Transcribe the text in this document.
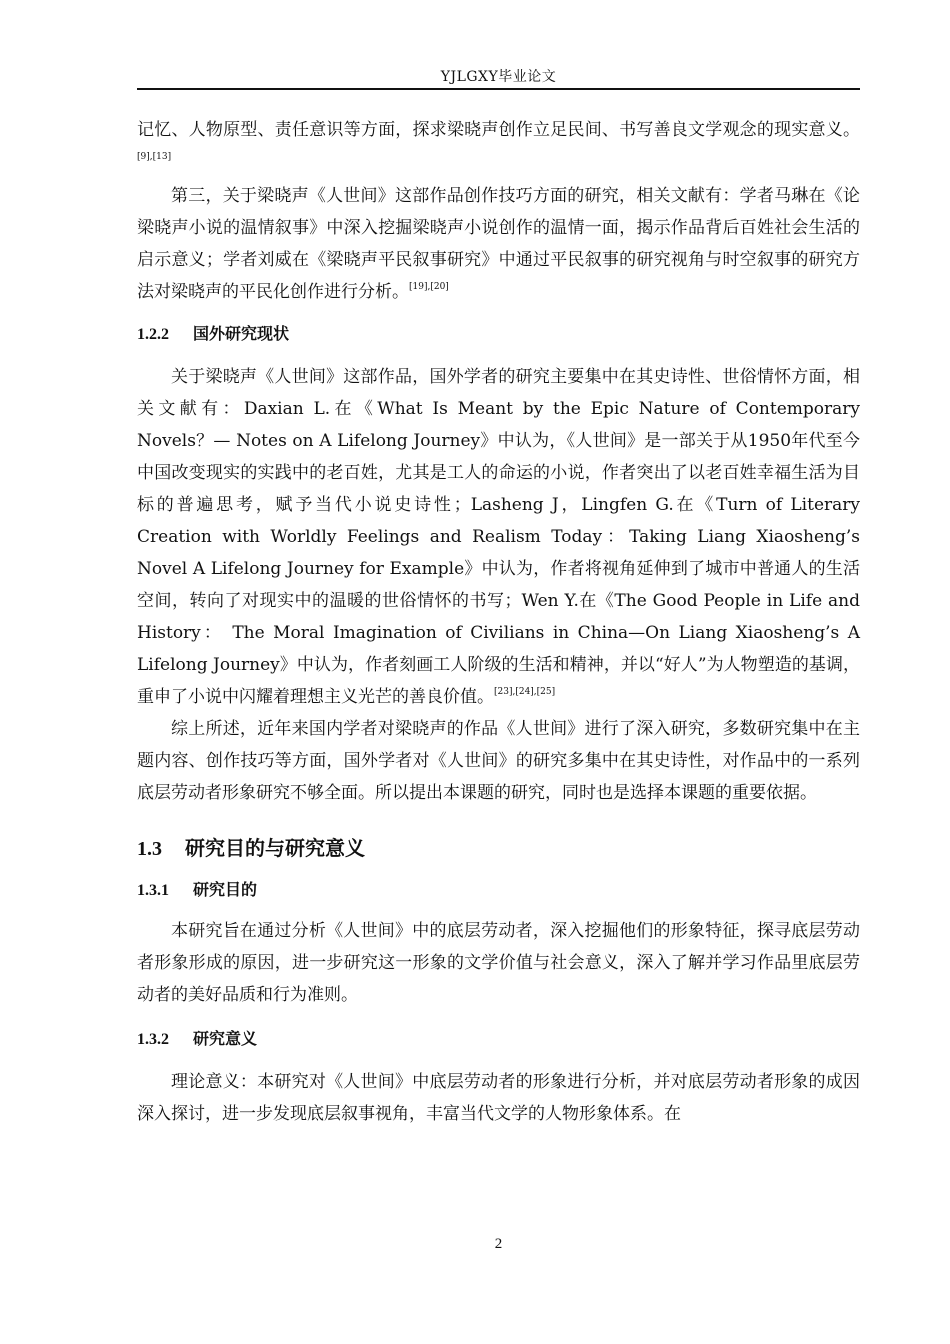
YJLGXY毕业论文

记忆、人物原型、责任意识等方面，探求梁晓声创作立足民间、书写善良文学观念的现实意义。[9],[13]

第三，关于梁晓声《人世间》这部作品创作技巧方面的研究，相关文献有：学者马琳在《论梁晓声小说的温情叙事》中深入挖掘梁晓声小说创作的温情一面，揭示作品背后百姓社会生活的启示意义；学者刘威在《梁晓声平民叙事研究》中通过平民叙事的研究视角与时空叙事的研究方法对梁晓声的平民化创作进行分析。[19],[20]

1.2.2 国外研究现状

关于梁晓声《人世间》这部作品，国外学者的研究主要集中在其史诗性、世俗情怀方面，相关文献有：Daxian L.在《What Is Meant by the Epic Nature of Contemporary Novels？— Notes on A Lifelong Journey》中认为，《人世间》是一部关于从1950年代至今中国改变现实的实践中的老百姓，尤其是工人的命运的小说，作者突出了以老百姓幸福生活为目标的普遍思考，赋予当代小说史诗性；Lasheng J，Lingfen G.在《Turn of Literary Creation with Worldly Feelings and Realism Today：Taking Liang Xiaosheng’s Novel A Lifelong Journey for Example》中认为，作者将视角延伸到了城市中普通人的生活空间，转向了对现实中的温暖的世俗情怀的书写；Wen Y.在《The Good People in Life and History： The Moral Imagination of Civilians in China—On Liang Xiaosheng’s A Lifelong Journey》中认为，作者刻画工人阶级的生活和精神，并以“好人”为人物塑造的基调，重申了小说中闪耀着理想主义光芒的善良价值。[23],[24],[25]

综上所述，近年来国内学者对梁晓声的作品《人世间》进行了深入研究，多数研究集中在主题内容、创作技巧等方面，国外学者对《人世间》的研究多集中在其史诗性，对作品中的一系列底层劳动者形象研究不够全面。所以提出本课题的研究，同时也是选择本课题的重要依据。

1.3 研究目的与研究意义
1.3.1 研究目的

本研究旨在通过分析《人世间》中的底层劳动者，深入挖掘他们的形象特征，探寻底层劳动者形象形成的原因，进一步研究这一形象的文学价值与社会意义，深入了解并学习作品里底层劳动者的美好品质和行为准则。

1.3.2 研究意义

理论意义：本研究对《人世间》中底层劳动者的形象进行分析，并对底层劳动者形象的成因深入探讨，进一步发现底层叙事视角，丰富当代文学的人物形象体系。在

2
